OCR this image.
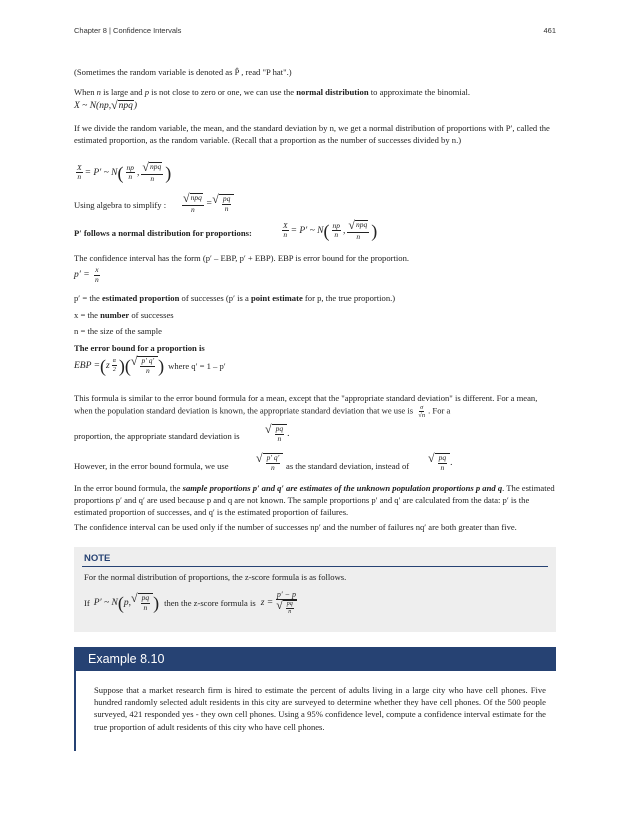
Chapter 8 | Confidence Intervals	461

(Sometimes the random variable is denoted as P̂ , read "P hat".)

When n is large and p is not close to zero or one, we can use the normal distribution to approximate the binomial.

X ~ N(np, √ npq )

If we divide the random variable, the mean, and the standard deviation by n, we get a normal distribution of proportions with P′, called the estimated proportion, as the random variable. (Recall that a proportion as the number of successes divided by n.)

$\frac{X}{n} = P'$ ~ N ( $\frac{np}{n}$ , $\frac{\text{√ npq}}{n}$ )

Using algebra to simplify :	$\frac{\text{√ npq}}{n}$ = √ $\frac{pq}{n}$

P′ follows a normal distribution for proportions:	$\frac{X}{n} = P'$ ~ N ( $\frac{np}{n}$ , $\frac{\text{√ npq}}{n}$ )

The confidence interval has the form (p′ – EBP, p′ + EBP). EBP is error bound for the proportion.

p′ =
$\frac{x}{n}$

p′ = the estimated proportion of successes (p′ is a point estimate for p, the true proportion.)

x = the number of successes

n = the size of the sample

The error bound for a proportion is

EBP = ( z $\frac{\alpha}{2}$ ) ( √ $\frac{p' q'}{n}$ ) where q′ = 1 – p′

This formula is similar to the error bound formula for a mean, except that the "appropriate standard deviation" is different. For a mean, when the population standard deviation is known, the appropriate standard deviation that we use is $\frac{\sigma}{√n}$ . For a

proportion, the appropriate standard deviation is	√ $\frac{pq}{n}$ .

However, in the error bound formula, we use

√ $\frac{p' q'}{n}$ as the standard deviation, instead of

√ $\frac{pq}{n}$ .

In the error bound formula, the sample proportions p′ and q′ are estimates of the unknown population proportions p and q. The estimated proportions p′ and q′ are used because p and q are not known. The sample proportions p′ and q′ are calculated from the data: p′ is the estimated proportion of successes, and q′ is the estimated proportion of failures.

The confidence interval can be used only if the number of successes np′ and the number of failures nq′ are both greater than five.

NOTE

For the normal distribution of proportions, the z-score formula is as follows.

If P′ ~ N ( p, √ $\frac{pq}{n}$ ) then the z-score formula is $z = \frac{p' - p}{√ \frac{pq}{n}}$
Example 8.10

Suppose that a market research firm is hired to estimate the percent of adults living in a large city who have cell phones. Five hundred randomly selected adult residents in this city are surveyed to determine whether they have cell phones. Of the 500 people surveyed, 421 responded yes - they own cell phones. Using a 95% confidence level, compute a confidence interval estimate for the true proportion of adult residents of this city who have cell phones.
